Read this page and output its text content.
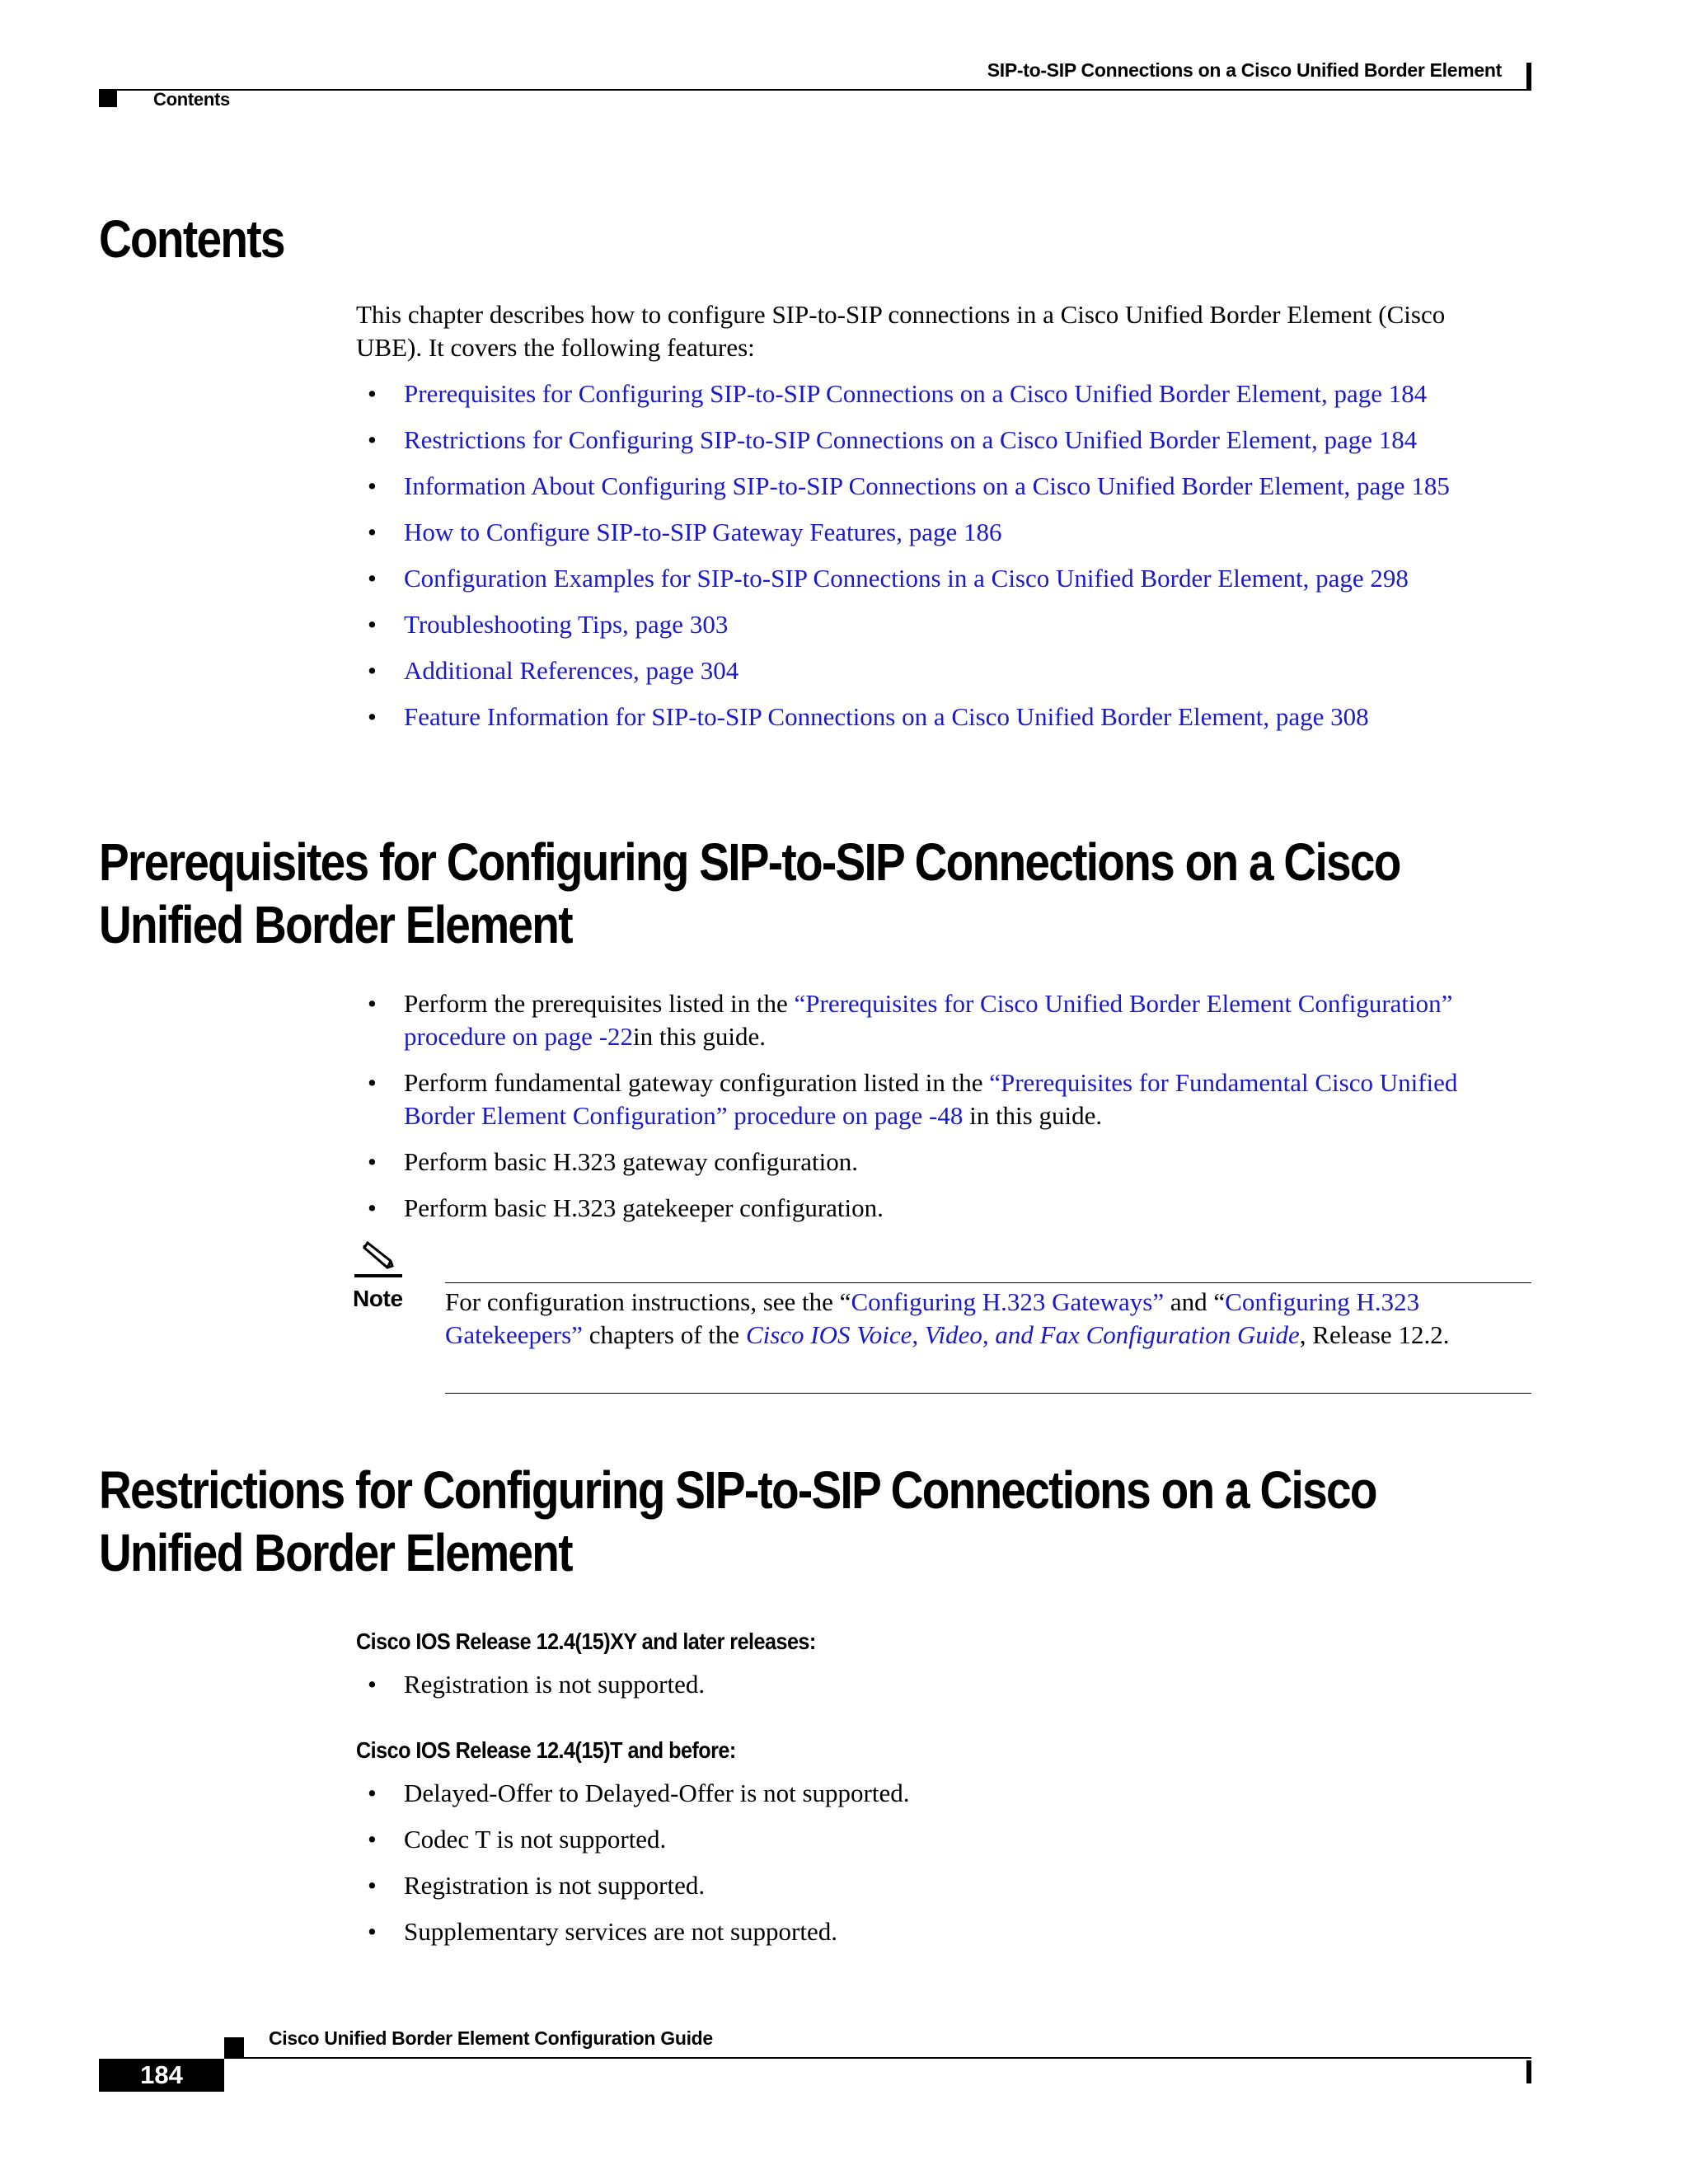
SIP-to-SIP Connections on a Cisco Unified Border Element
Contents
Contents
This chapter describes how to configure SIP-to-SIP connections in a Cisco Unified Border Element (Cisco UBE). It covers the following features:
• Prerequisites for Configuring SIP-to-SIP Connections on a Cisco Unified Border Element, page 184
• Restrictions for Configuring SIP-to-SIP Connections on a Cisco Unified Border Element, page 184
• Information About Configuring SIP-to-SIP Connections on a Cisco Unified Border Element, page 185
• How to Configure SIP-to-SIP Gateway Features, page 186
• Configuration Examples for SIP-to-SIP Connections in a Cisco Unified Border Element, page 298
• Troubleshooting Tips, page 303
• Additional References, page 304
• Feature Information for SIP-to-SIP Connections on a Cisco Unified Border Element, page 308
Prerequisites for Configuring SIP-to-SIP Connections on a Cisco
Unified Border Element
• Perform the prerequisites listed in the “Prerequisites for Cisco Unified Border Element Configuration” procedure on page -22in this guide.
• Perform fundamental gateway configuration listed in the “Prerequisites for Fundamental Cisco Unified Border Element Configuration” procedure on page -48 in this guide.
• Perform basic H.323 gateway configuration.
• Perform basic H.323 gatekeeper configuration.
Note For configuration instructions, see the “Configuring H.323 Gateways” and “Configuring H.323 Gatekeepers” chapters of the Cisco IOS Voice, Video, and Fax Configuration Guide, Release 12.2.
Restrictions for Configuring SIP-to-SIP Connections on a Cisco
Unified Border Element
Cisco IOS Release 12.4(15)XY and later releases:
• Registration is not supported.
Cisco IOS Release 12.4(15)T and before:
• Delayed-Offer to Delayed-Offer is not supported.
• Codec T is not supported.
• Registration is not supported.
• Supplementary services are not supported.
Cisco Unified Border Element Configuration Guide
184
